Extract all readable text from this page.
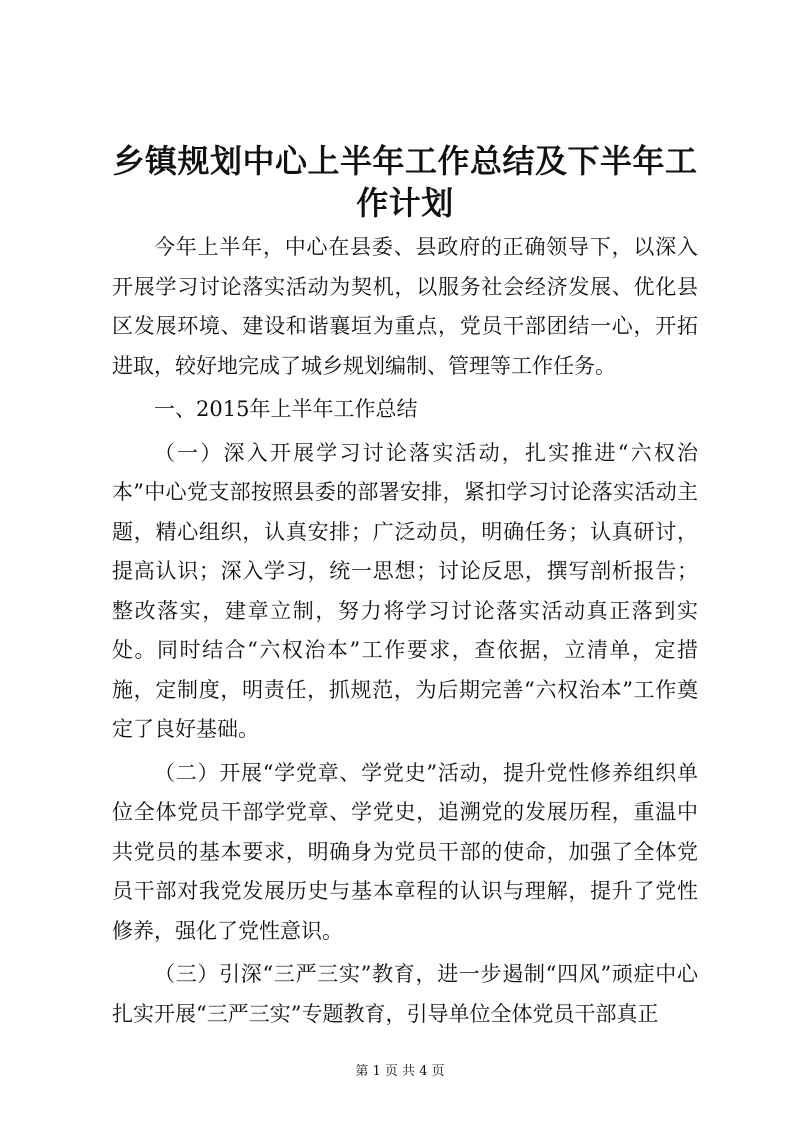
乡镇规划中心上半年工作总结及下半年工作计划

今年上半年，中心在县委、县政府的正确领导下，以深入开展学习讨论落实活动为契机，以服务社会经济发展、优化县区发展环境、建设和谐襄垣为重点，党员干部团结一心，开拓进取，较好地完成了城乡规划编制、管理等工作任务。

一、2015年上半年工作总结

（一）深入开展学习讨论落实活动，扎实推进“六权治本”中心党支部按照县委的部署安排，紧扣学习讨论落实活动主题，精心组织，认真安排；广泛动员，明确任务；认真研讨，提高认识；深入学习，统一思想；讨论反思，撰写剖析报告；整改落实，建章立制，努力将学习讨论落实活动真正落到实处。同时结合“六权治本”工作要求，查依据，立清单，定措施，定制度，明责任，抓规范，为后期完善“六权治本”工作奠定了良好基础。

（二）开展“学党章、学党史”活动，提升党性修养组织单位全体党员干部学党章、学党史，追溯党的发展历程，重温中共党员的基本要求，明确身为党员干部的使命，加强了全体党员干部对我党发展历史与基本章程的认识与理解，提升了党性修养，强化了党性意识。

（三）引深“三严三实”教育，进一步遏制“四风”顽症中心扎实开展“三严三实”专题教育，引导单位全体党员干部真正

第 1 页 共 4 页
